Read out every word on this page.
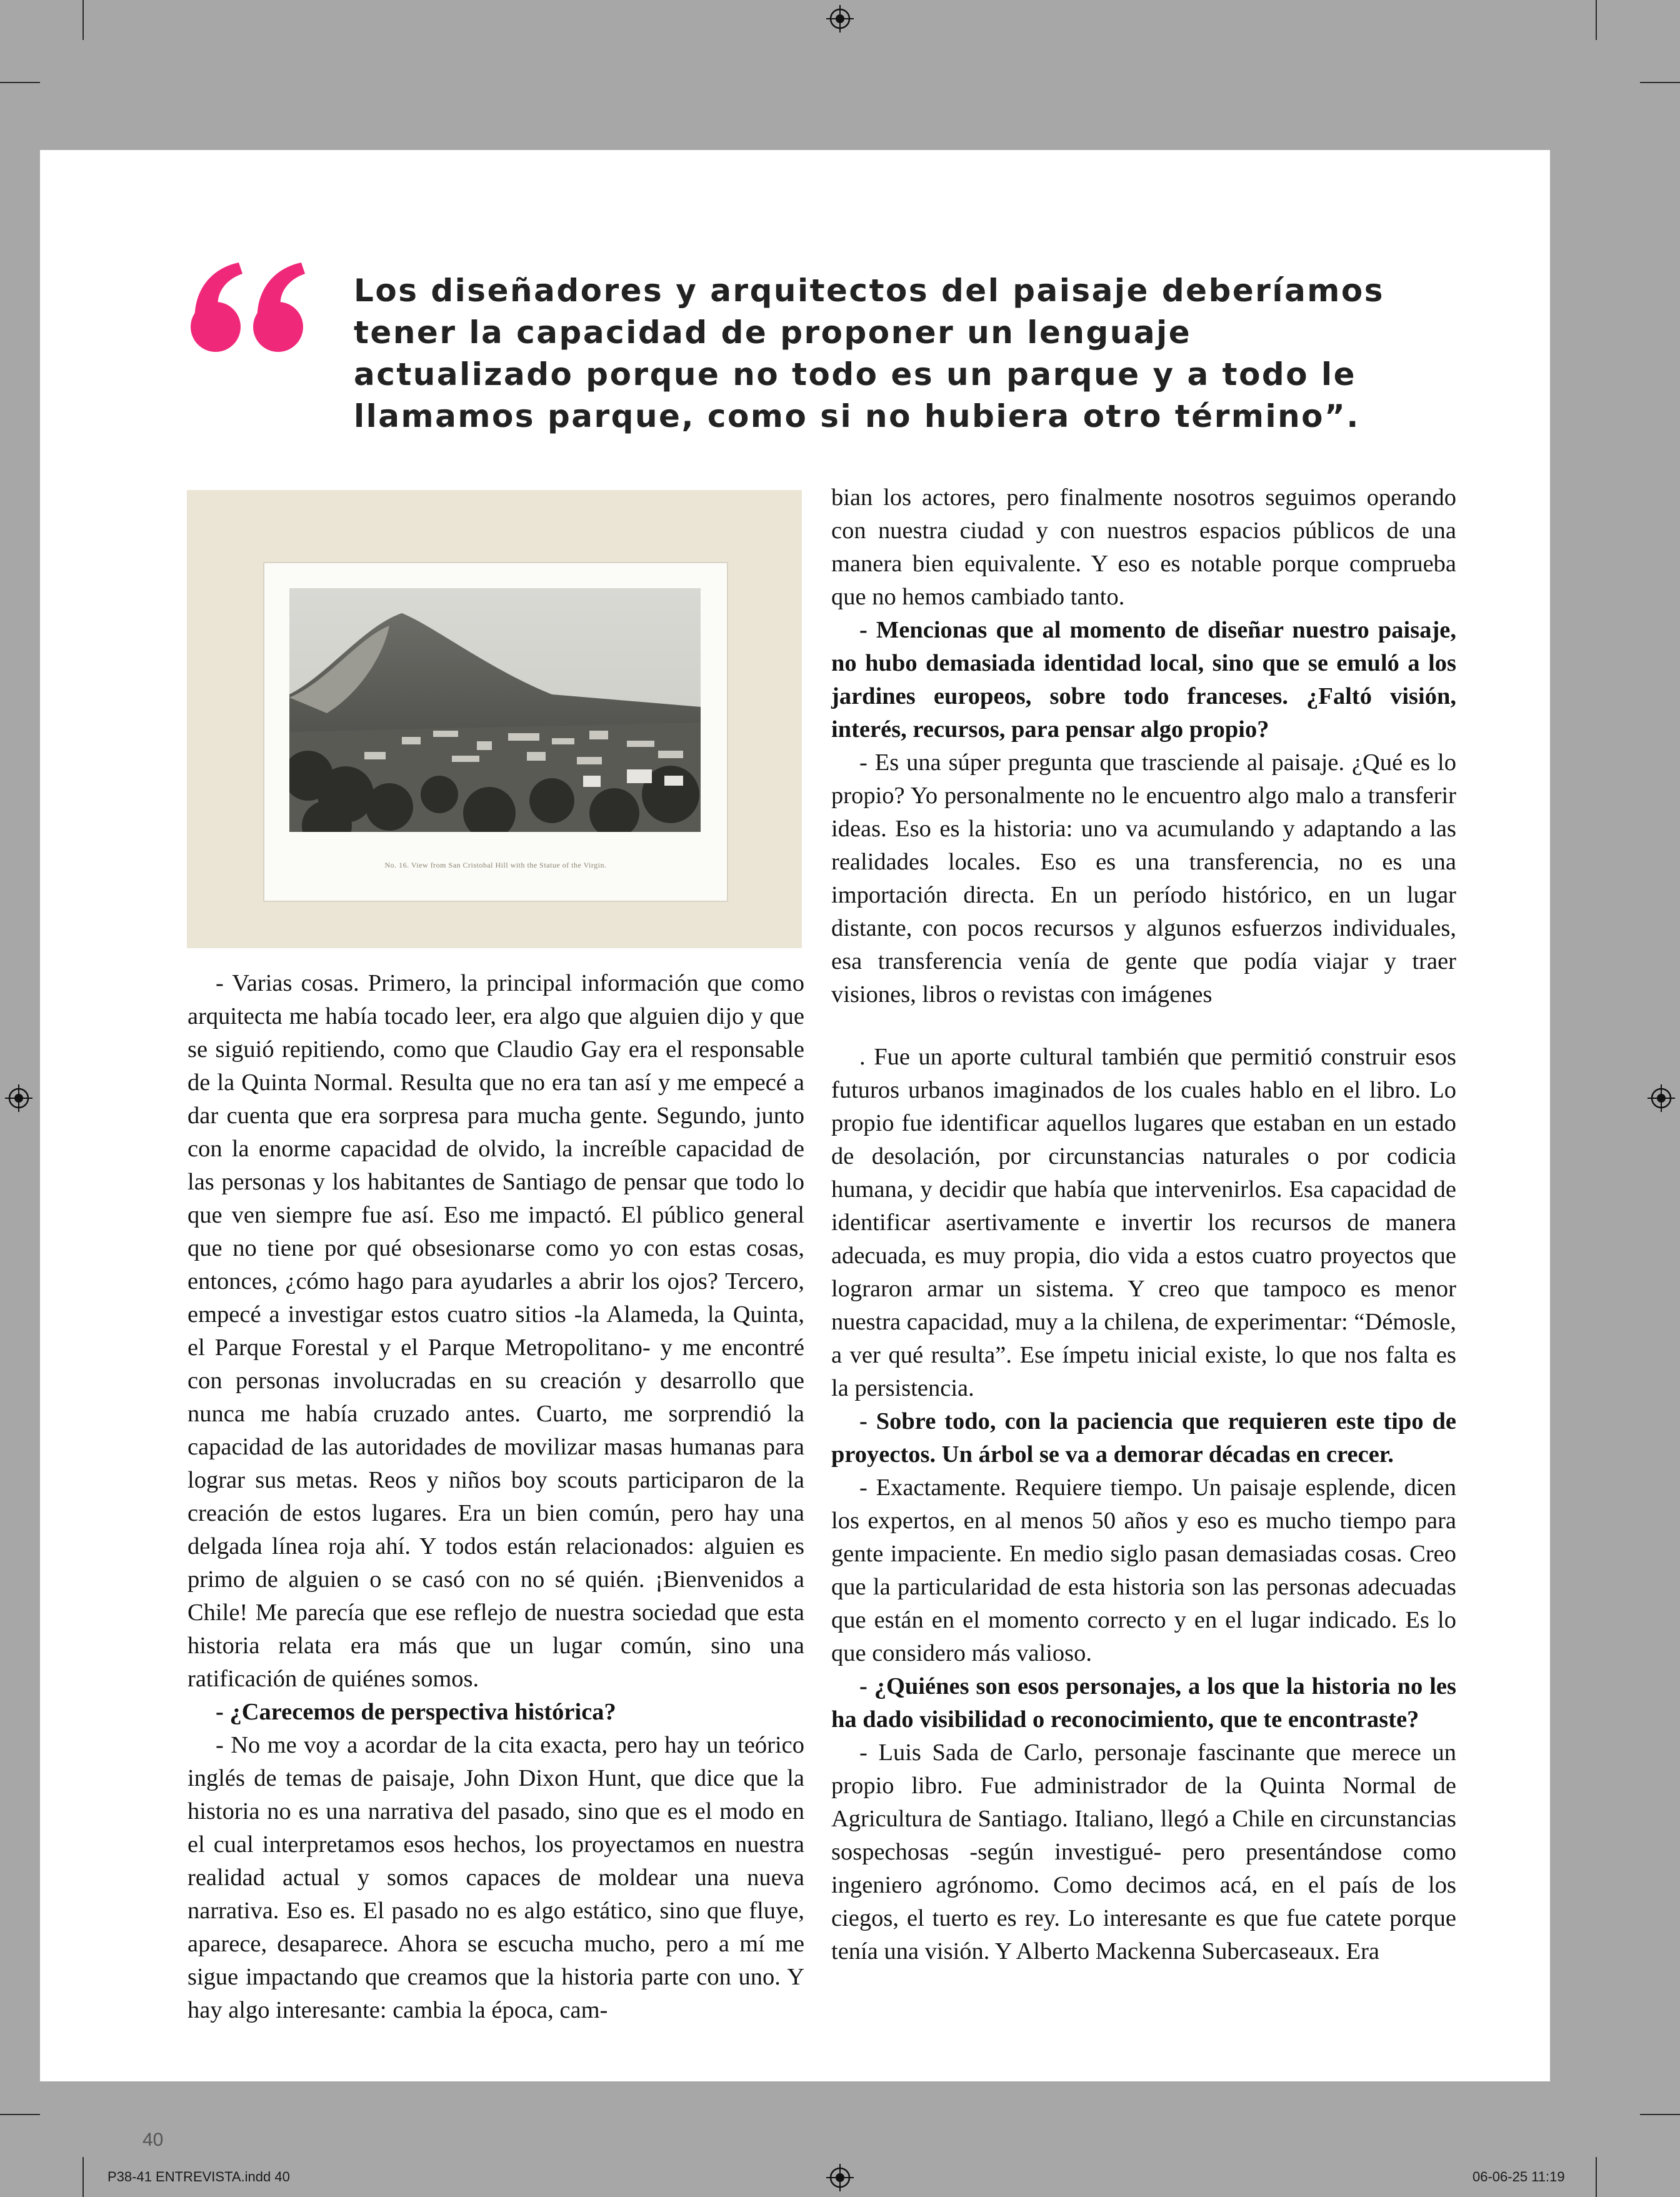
Los diseñadores y arquitectos del paisaje deberíamos tener la capacidad de proponer un lenguaje actualizado porque no todo es un parque y a todo le llamamos parque, como si no hubiera otro término”.

No. 16. View from San Cristobal Hill with the Statue of the Virgin.

- Varias cosas. Primero, la principal información que como arquitecta me había tocado leer, era algo que alguien dijo y que se siguió repitiendo, como que Claudio Gay era el responsable de la Quinta Normal. Resulta que no era tan así y me empecé a dar cuenta que era sorpresa para mucha gente. Segundo, junto con la enorme capacidad de olvido, la increíble capacidad de las personas y los habitantes de Santiago de pensar que todo lo que ven siempre fue así. Eso me impactó. El público general que no tiene por qué obsesionarse como yo con estas cosas, entonces, ¿cómo hago para ayudarles a abrir los ojos? Tercero, empecé a investigar estos cuatro sitios -la Alameda, la Quinta, el Parque Forestal y el Parque Metropolitano- y me encontré con personas involucradas en su creación y desarrollo que nunca me había cruzado antes. Cuarto, me sorprendió la capacidad de las autoridades de movilizar masas humanas para lograr sus metas. Reos y niños boy scouts participaron de la creación de estos lugares. Era un bien común, pero hay una delgada línea roja ahí. Y todos están relacionados: alguien es primo de alguien o se casó con no sé quién. ¡Bienvenidos a Chile! Me parecía que ese reflejo de nuestra sociedad que esta historia relata era más que un lugar común, sino una ratificación de quiénes somos.

- ¿Carecemos de perspectiva histórica?

- No me voy a acordar de la cita exacta, pero hay un teórico inglés de temas de paisaje, John Dixon Hunt, que dice que la historia no es una narrativa del pasado, sino que es el modo en el cual interpretamos esos hechos, los proyectamos en nuestra realidad actual y somos capaces de moldear una nueva narrativa. Eso es. El pasado no es algo estático, sino que fluye, aparece, desaparece. Ahora se escucha mucho, pero a mí me sigue impactando que creamos que la historia parte con uno. Y hay algo interesante: cambia la época, cam-

bian los actores, pero finalmente nosotros seguimos operando con nuestra ciudad y con nuestros espacios públicos de una manera bien equivalente. Y eso es notable porque comprueba que no hemos cambiado tanto.

- Mencionas que al momento de diseñar nuestro paisaje, no hubo demasiada identidad local, sino que se emuló a los jardines europeos, sobre todo franceses. ¿Faltó visión, interés, recursos, para pensar algo propio?

- Es una súper pregunta que trasciende al paisaje. ¿Qué es lo propio? Yo personalmente no le encuentro algo malo a transferir ideas. Eso es la historia: uno va acumulando y adaptando a las realidades locales. Eso es una transferencia, no es una importación directa. En un período histórico, en un lugar distante, con pocos recursos y algunos esfuerzos individuales, esa transferencia venía de gente que podía viajar y traer visiones, libros o revistas con imágenes

. Fue un aporte cultural también que permitió construir esos futuros urbanos imaginados de los cuales hablo en el libro. Lo propio fue identificar aquellos lugares que estaban en un estado de desolación, por circunstancias naturales o por codicia humana, y decidir que había que intervenirlos. Esa capacidad de identificar asertivamente e invertir los recursos de manera adecuada, es muy propia, dio vida a estos cuatro proyectos que lograron armar un sistema. Y creo que tampoco es menor nuestra capacidad, muy a la chilena, de experimentar: “Démosle, a ver qué resulta”. Ese ímpetu inicial existe, lo que nos falta es la persistencia.

- Sobre todo, con la paciencia que requieren este tipo de proyectos. Un árbol se va a demorar décadas en crecer.

- Exactamente. Requiere tiempo. Un paisaje esplende, dicen los expertos, en al menos 50 años y eso es mucho tiempo para gente impaciente. En medio siglo pasan demasiadas cosas. Creo que la particularidad de esta historia son las personas adecuadas que están en el momento correcto y en el lugar indicado. Es lo que considero más valioso.

- ¿Quiénes son esos personajes, a los que la historia no les ha dado visibilidad o reconocimiento, que te encontraste?

- Luis Sada de Carlo, personaje fascinante que merece un propio libro. Fue administrador de la Quinta Normal de Agricultura de Santiago. Italiano, llegó a Chile en circunstancias sospechosas -según investigué- pero presentándose como ingeniero agrónomo. Como decimos acá, en el país de los ciegos, el tuerto es rey. Lo interesante es que fue catete porque tenía una visión. Y Alberto Mackenna Subercaseaux. Era

40
P38-41 ENTREVISTA.indd 40	06-06-25 11:19
